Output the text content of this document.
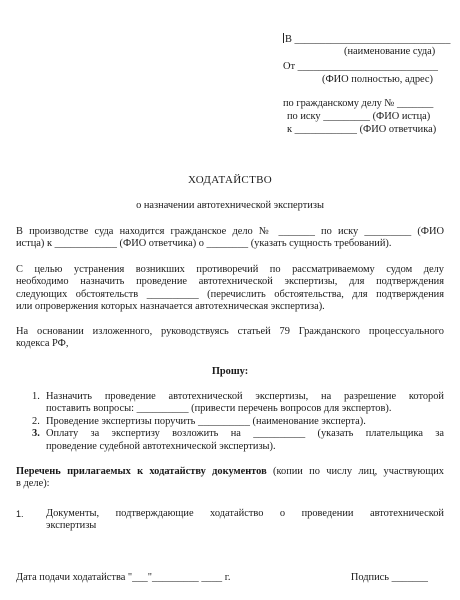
В ______________________________
(наименование суда)
От ___________________________
(ФИО полностью, адрес)
по гражданскому делу № _______
по иску _________ (ФИО истца)
к ____________ (ФИО ответчика)
ХОДАТАЙСТВО
о назначении автотехнической экспертизы
В производстве суда находится гражданское дело № _______ по иску _________ (ФИО
истца) к ____________ (ФИО ответчика) о ________ (указать сущность требований).
С целью устранения возникших противоречий по рассматриваемому судом делу
необходимо назначить проведение автотехнической экспертизы, для подтверждения
следующих обстоятельств __________ (перечислить обстоятельства, для подтверждения
или опровержения которых назначается автотехническая экспертиза).
На основании изложенного, руководствуясь статьей 79 Гражданского процессуального
кодекса РФ,
Прошу:
1. Назначить проведение автотехнической экспертизы, на разрешение которой
поставить вопросы: __________ (привести перечень вопросов для экспертов).
2. Проведение экспертизы поручить __________ (наименование эксперта).
3. Оплату за экспертизу возложить на __________ (указать плательщика за
проведение судебной автотехнической экспертизы).
Перечень прилагаемых к ходатайству документов (копии по числу лиц, участвующих
в деле):
1. Документы, подтверждающие ходатайство о проведении автотехнической
экспертизы
Дата подачи ходатайства "___"_________ ____ г.	Подпись _______
